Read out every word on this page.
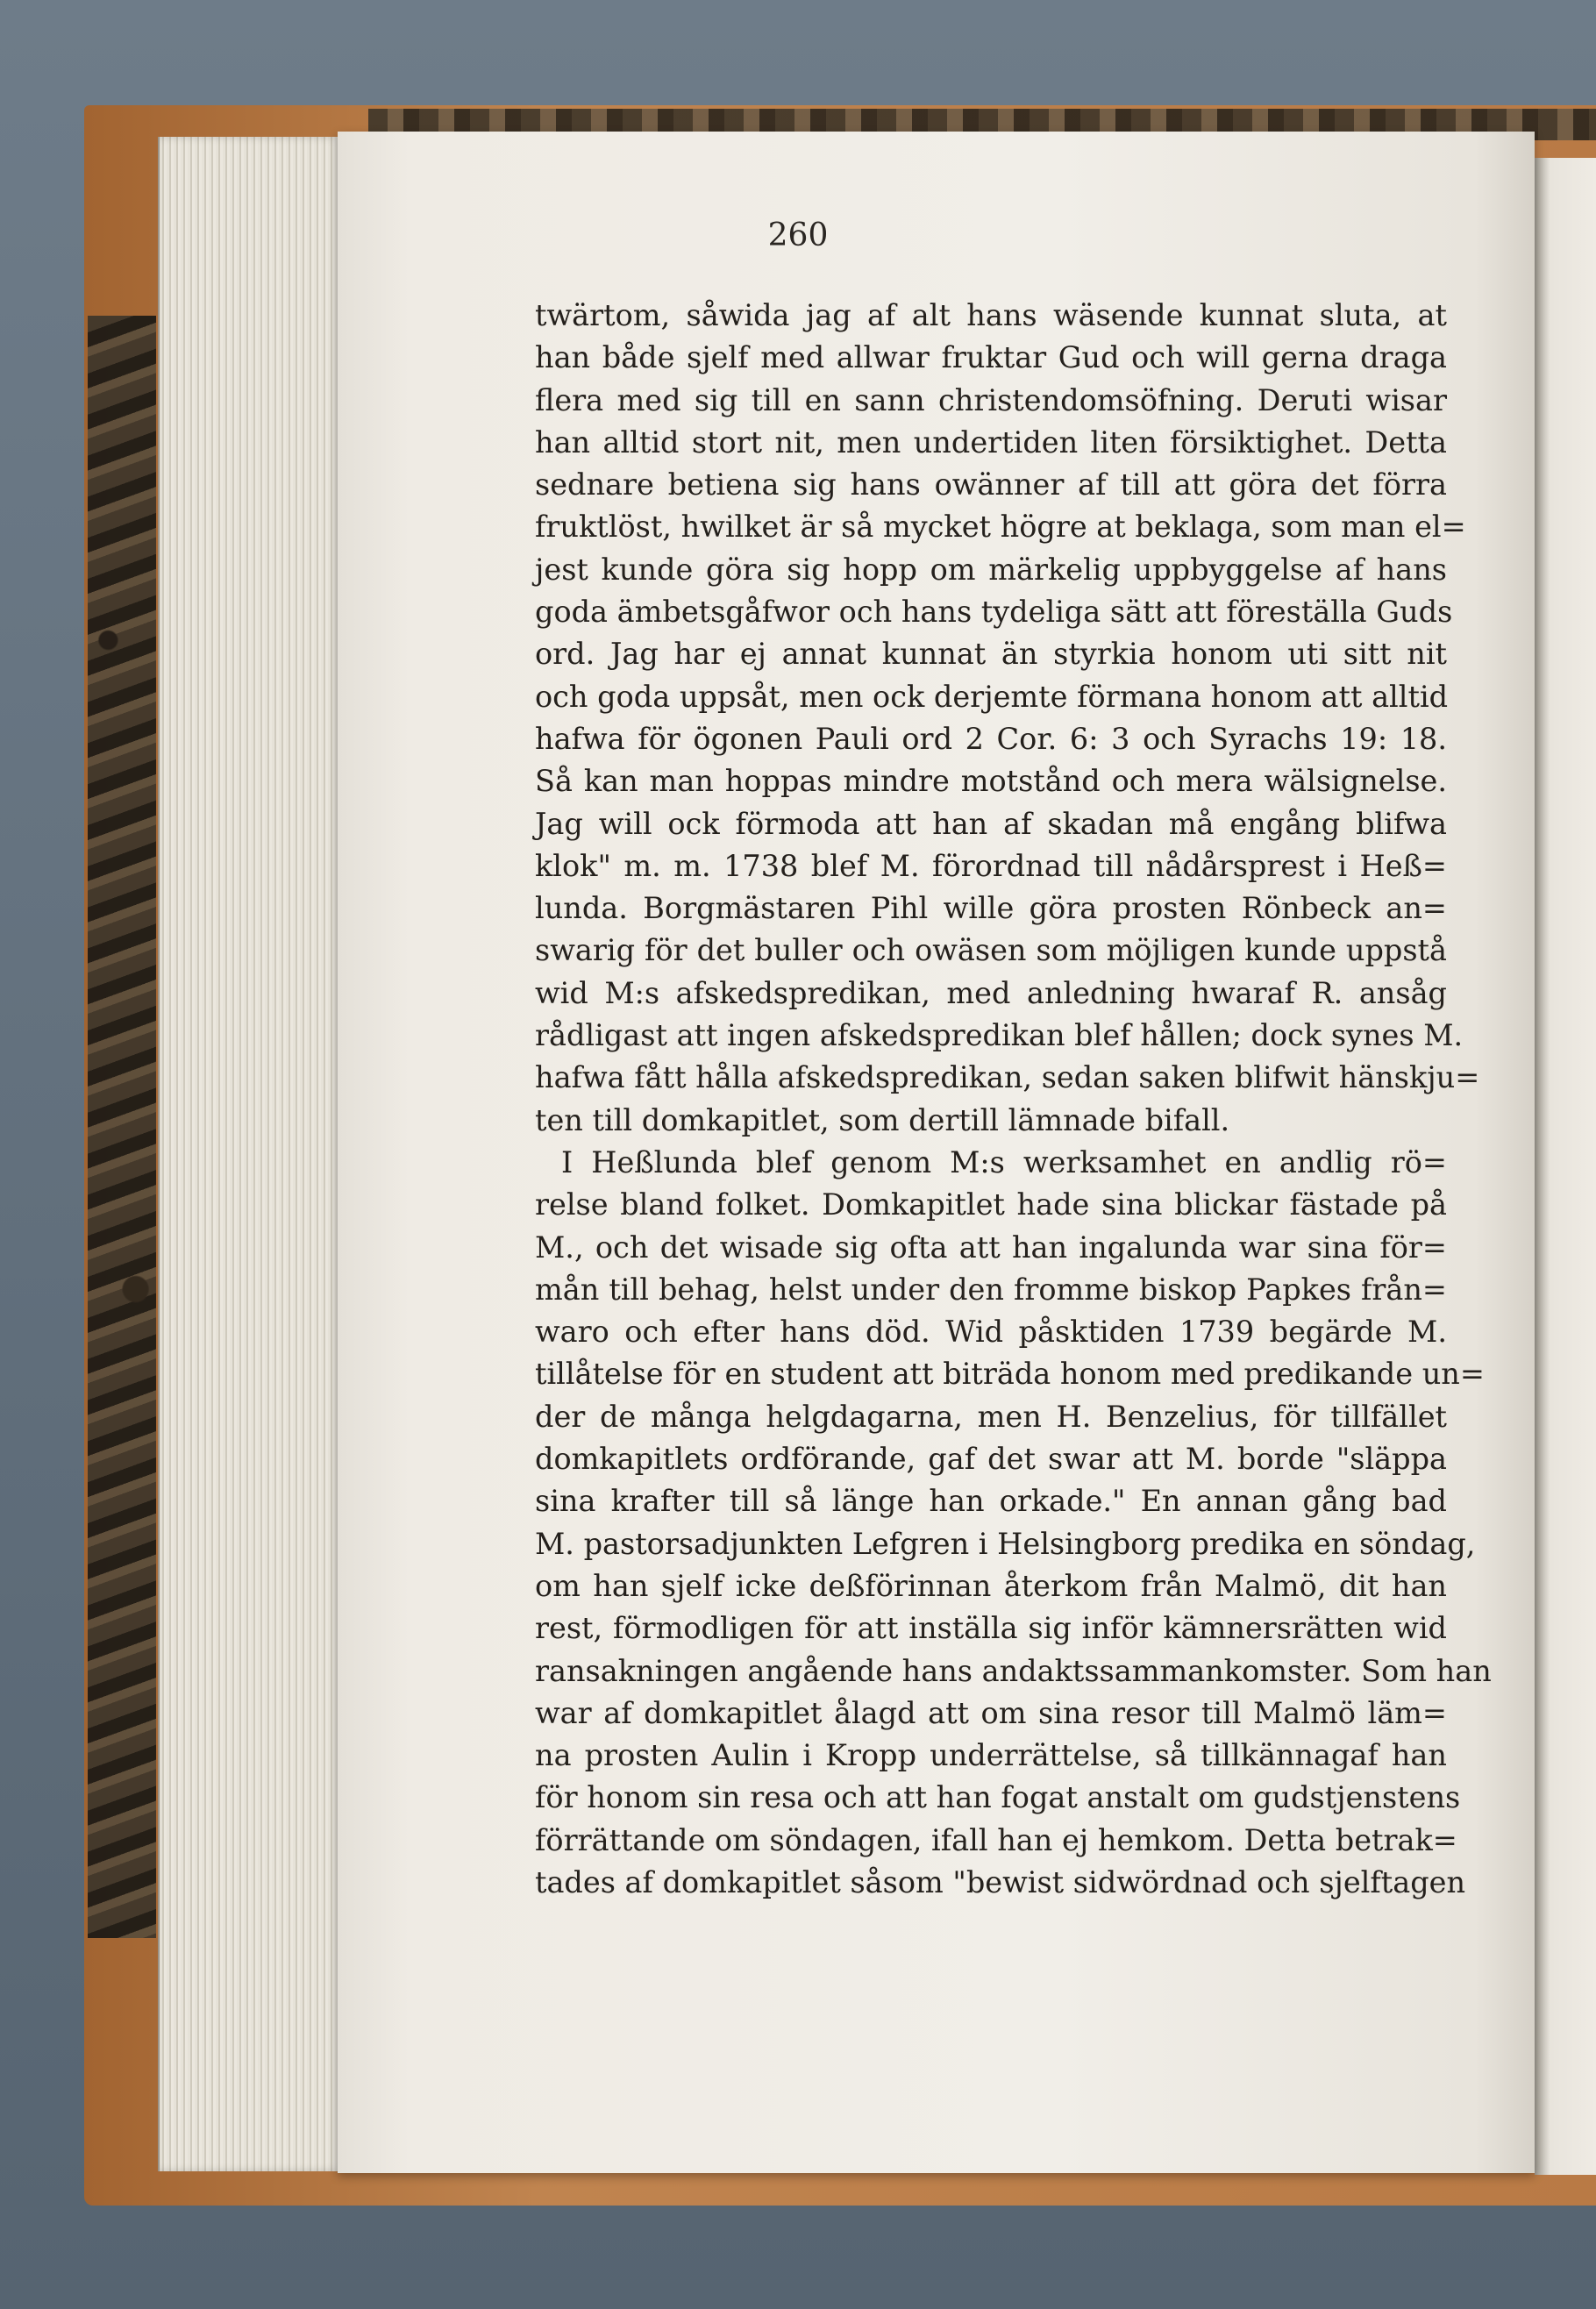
260
twärtom, såwida jag af alt hans wäsende kunnat sluta, at
han både sjelf med allwar fruktar Gud och will gerna draga
flera med sig till en sann christendomsöfning. Deruti wisar
han alltid stort nit, men undertiden liten försiktighet. Detta
sednare betiena sig hans owänner af till att göra det förra
fruktlöst, hwilket är så mycket högre at beklaga, som man el=
jest kunde göra sig hopp om märkelig uppbyggelse af hans
goda ämbetsgåfwor och hans tydeliga sätt att föreställa Guds
ord. Jag har ej annat kunnat än styrkia honom uti sitt nit
och goda uppsåt, men ock derjemte förmana honom att alltid
hafwa för ögonen Pauli ord 2 Cor. 6: 3 och Syrachs 19: 18.
Så kan man hoppas mindre motstånd och mera wälsignelse.
Jag will ock förmoda att han af skadan må engång blifwa
klok" m. m. 1738 blef M. förordnad till nådårsprest i Heß=
lunda. Borgmästaren Pihl wille göra prosten Rönbeck an=
swarig för det buller och owäsen som möjligen kunde uppstå
wid M:s afskedspredikan, med anledning hwaraf R. ansåg
rådligast att ingen afskedspredikan blef hållen; dock synes M.
hafwa fått hålla afskedspredikan, sedan saken blifwit hänskju=
ten till domkapitlet, som dertill lämnade bifall.
I Heßlunda blef genom M:s werksamhet en andlig rö=
relse bland folket. Domkapitlet hade sina blickar fästade på
M., och det wisade sig ofta att han ingalunda war sina för=
mån till behag, helst under den fromme biskop Papkes från=
waro och efter hans död. Wid påsktiden 1739 begärde M.
tillåtelse för en student att biträda honom med predikande un=
der de många helgdagarna, men H. Benzelius, för tillfället
domkapitlets ordförande, gaf det swar att M. borde "släppa
sina krafter till så länge han orkade." En annan gång bad
M. pastorsadjunkten Lefgren i Helsingborg predika en söndag,
om han sjelf icke deßförinnan återkom från Malmö, dit han
rest, förmodligen för att inställa sig inför kämnersrätten wid
ransakningen angående hans andaktssammankomster. Som han
war af domkapitlet ålagd att om sina resor till Malmö läm=
na prosten Aulin i Kropp underrättelse, så tillkännagaf han
för honom sin resa och att han fogat anstalt om gudstjenstens
förrättande om söndagen, ifall han ej hemkom. Detta betrak=
tades af domkapitlet såsom "bewist sidwördnad och sjelftagen
